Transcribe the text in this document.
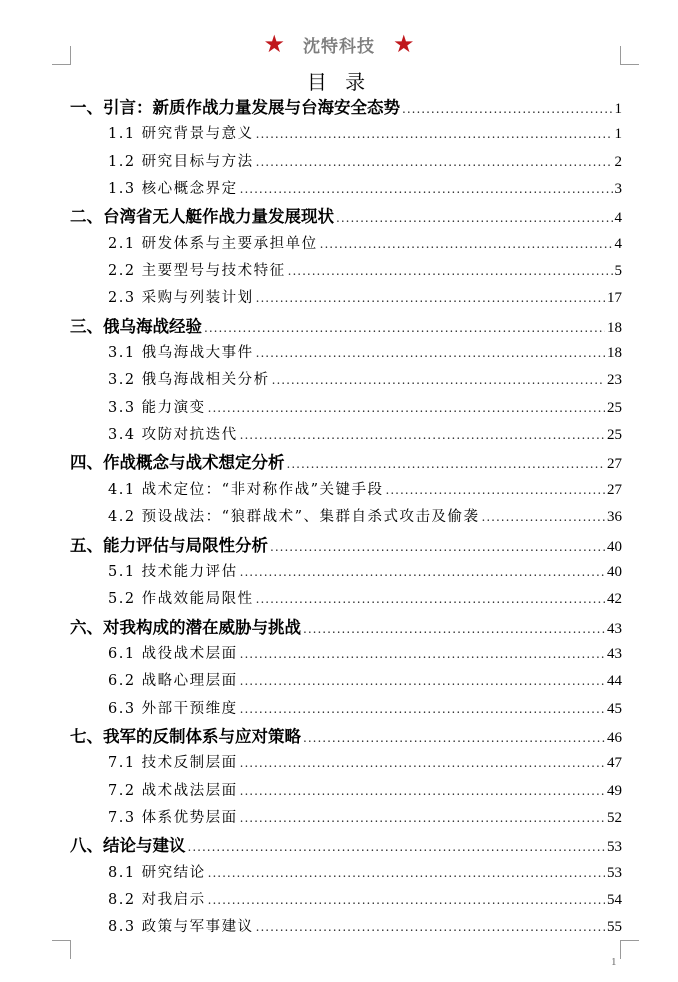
★ 沈特科技 ★
目 录
一、引言：新质作战力量发展与台海安全态势 .....	1
1.1 研究背景与意义 .....	1
1.2 研究目标与方法 .....	2
1.3 核心概念界定 .....	3
二、台湾省无人艇作战力量发展现状 .....	4
2.1 研发体系与主要承担单位 .....	4
2.2 主要型号与技术特征 .....	5
2.3 采购与列装计划 .....	17
三、俄乌海战经验 .....	18
3.1 俄乌海战大事件 .....	18
3.2 俄乌海战相关分析 .....	23
3.3 能力演变 .....	25
3.4 攻防对抗迭代 .....	25
四、作战概念与战术想定分析 .....	27
4.1 战术定位：“非对称作战”关键手段 .....	27
4.2 预设战法：“狼群战术”、集群自杀式攻击及偷袭 .....	36
五、能力评估与局限性分析 .....	40
5.1 技术能力评估 .....	40
5.2 作战效能局限性 .....	42
六、对我构成的潜在威胁与挑战 .....	43
6.1 战役战术层面 .....	43
6.2 战略心理层面 .....	44
6.3 外部干预维度 .....	45
七、我军的反制体系与应对策略 .....	46
7.1 技术反制层面 .....	47
7.2 战术战法层面 .....	49
7.3 体系优势层面 .....	52
八、结论与建议 .....	53
8.1 研究结论 .....	53
8.2 对我启示 .....	54
8.3 政策与军事建议 .....	55
1
